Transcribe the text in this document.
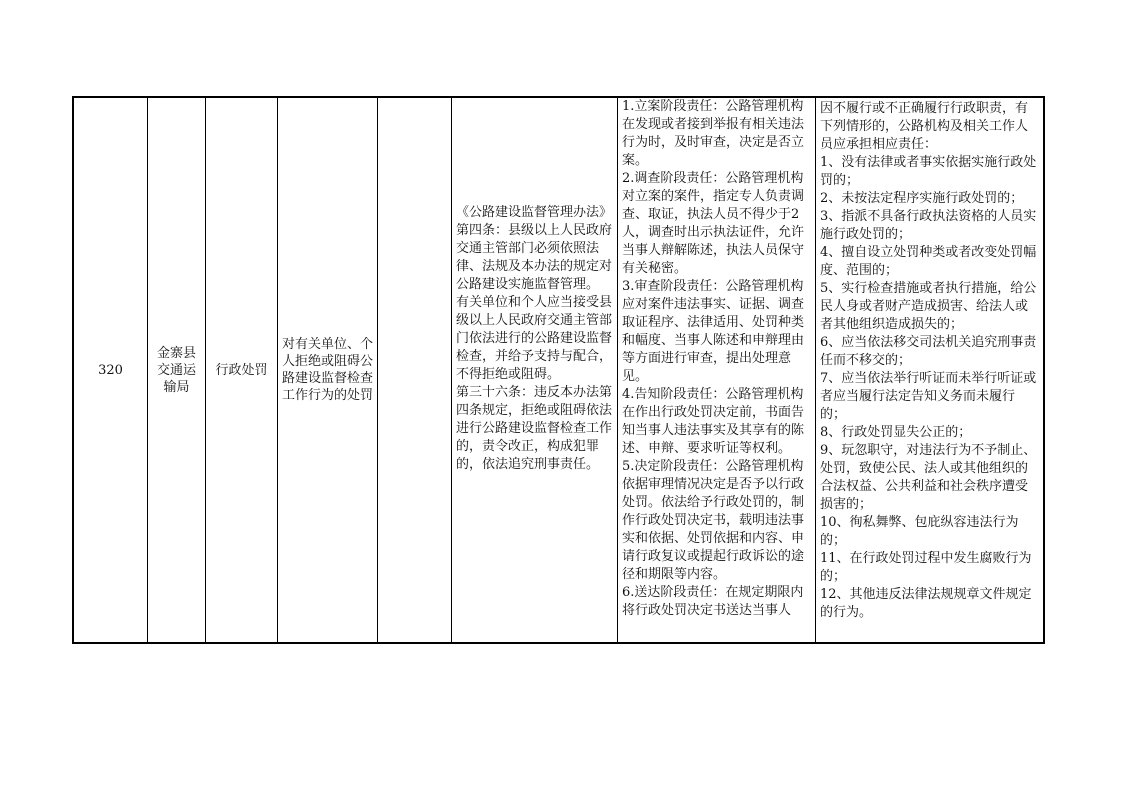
320
金寨县交通运输局
行政处罚
对有关单位、个人拒绝或阻碍公路建设监督检查工作行为的处罚
《公路建设监督管理办法》
第四条：县级以上人民政府交通主管部门必须依照法律、法规及本办法的规定对公路建设实施监督管理。
有关单位和个人应当接受县级以上人民政府交通主管部门依法进行的公路建设监督检查，并给予支持与配合，不得拒绝或阻碍。
第三十六条：违反本办法第四条规定，拒绝或阻碍依法进行公路建设监督检查工作的，责令改正，构成犯罪的，依法追究刑事责任。
1.立案阶段责任：公路管理机构在发现或者接到举报有相关违法行为时，及时审查，决定是否立案。
2.调查阶段责任：公路管理机构对立案的案件，指定专人负责调查、取证，执法人员不得少于2人，调查时出示执法证件，允许当事人辩解陈述，执法人员保守有关秘密。
3.审查阶段责任：公路管理机构应对案件违法事实、证据、调查取证程序、法律适用、处罚种类和幅度、当事人陈述和申辩理由等方面进行审查，提出处理意见。
4.告知阶段责任：公路管理机构在作出行政处罚决定前，书面告知当事人违法事实及其享有的陈述、申辩、要求听证等权利。
5.决定阶段责任：公路管理机构依据审理情况决定是否予以行政处罚。依法给予行政处罚的，制作行政处罚决定书，载明违法事实和依据、处罚依据和内容、申请行政复议或提起行政诉讼的途径和期限等内容。
6.送达阶段责任：在规定期限内将行政处罚决定书送达当事人
因不履行或不正确履行行政职责，有下列情形的，公路机构及相关工作人员应承担相应责任：
1、没有法律或者事实依据实施行政处罚的；
2、未按法定程序实施行政处罚的；
3、指派不具备行政执法资格的人员实施行政处罚的；
4、擅自设立处罚种类或者改变处罚幅度、范围的；
5、实行检查措施或者执行措施，给公民人身或者财产造成损害、给法人或者其他组织造成损失的；
6、应当依法移交司法机关追究刑事责任而不移交的；
7、应当依法举行听证而未举行听证或者应当履行法定告知义务而未履行的；
8、行政处罚显失公正的；
9、玩忽职守，对违法行为不予制止、处罚，致使公民、法人或其他组织的合法权益、公共利益和社会秩序遭受损害的；
10、徇私舞弊、包庇纵容违法行为的；
11、在行政处罚过程中发生腐败行为的；
12、其他违反法律法规规章文件规定的行为。
